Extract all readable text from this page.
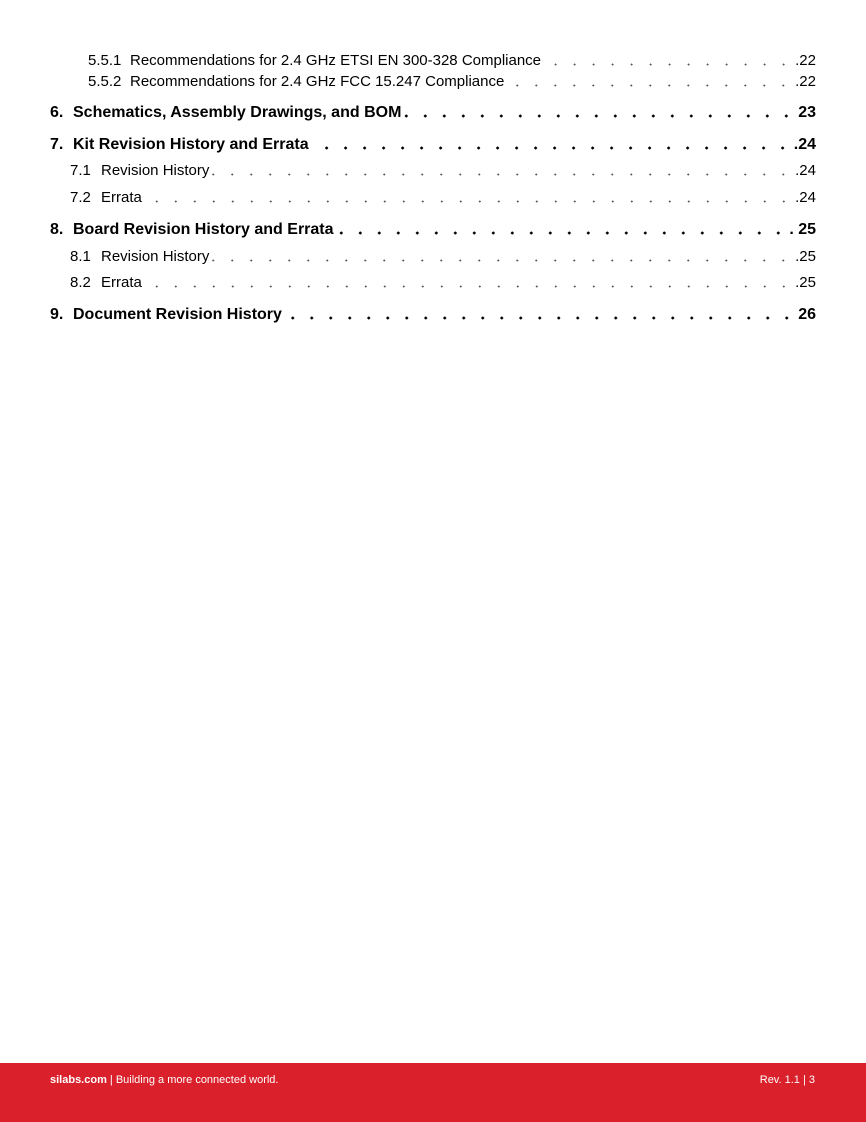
5.5.1 Recommendations for 2.4 GHz ETSI EN 300-328 Compliance	.22
5.5.2 Recommendations for 2.4 GHz FCC 15.247 Compliance	.22
6. Schematics, Assembly Drawings, and BOM	23
7. Kit Revision History and Errata	.24
7.1 Revision History	.24
7.2 Errata	.24
8. Board Revision History and Errata	. 25
8.1 Revision History	.25
8.2 Errata	.25
9. Document Revision History	26
silabs.com | Building a more connected world.	Rev. 1.1 | 3
